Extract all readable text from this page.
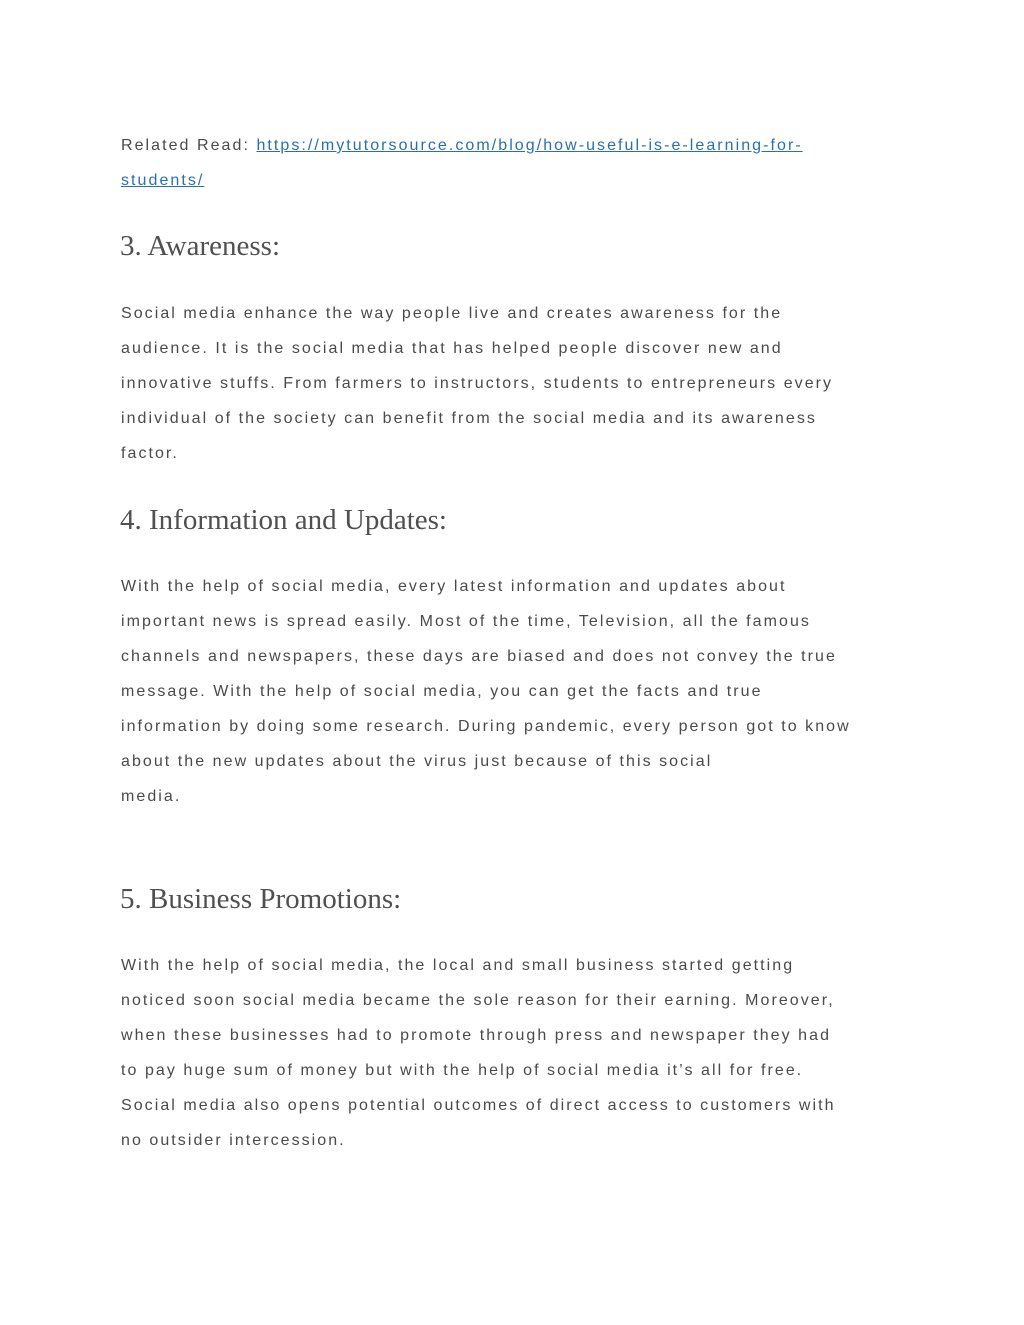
Related Read: https://mytutorsource.com/blog/how-useful-is-e-learning-for-

students/

3. Awareness:

Social media enhance the way people live and creates awareness for the

audience. It is the social media that has helped people discover new and

innovative stuffs. From farmers to instructors, students to entrepreneurs every

individual of the society can benefit from the social media and its awareness

factor.

4. Information and Updates:

With the help of social media, every latest information and updates about

important news is spread easily. Most of the time, Television, all the famous

channels and newspapers, these days are biased and does not convey the true

message. With the help of social media, you can get the facts and true

information by doing some research. During pandemic, every person got to know

about the new updates about the virus just because of this social

media.

5. Business Promotions:

With the help of social media, the local and small business started getting

noticed soon social media became the sole reason for their earning. Moreover,

when these businesses had to promote through press and newspaper they had

to pay huge sum of money but with the help of social media it’s all for free.

Social media also opens potential outcomes of direct access to customers with

no outsider intercession.
